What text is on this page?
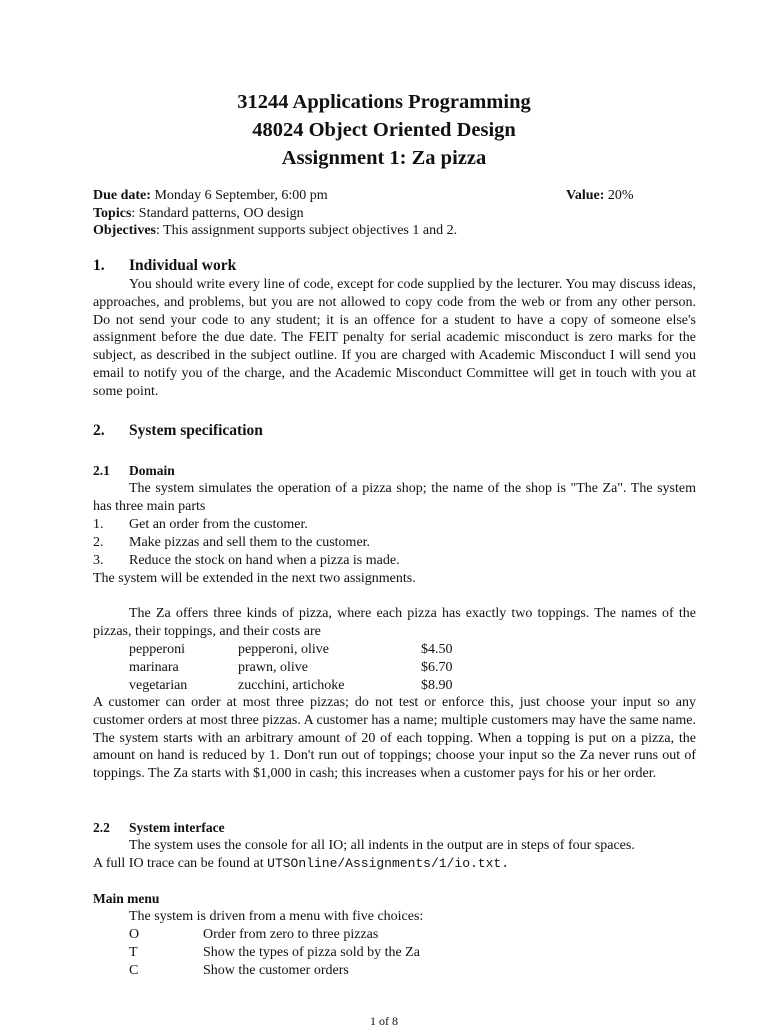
31244 Applications Programming
48024 Object Oriented Design
Assignment 1: Za pizza
Due date: Monday 6 September, 6:00 pm	Value: 20%
Topics: Standard patterns, OO design
Objectives: This assignment supports subject objectives 1 and 2.
1. Individual work

You should write every line of code, except for code supplied by the lecturer. You may discuss ideas, approaches, and problems, but you are not allowed to copy code from the web or from any other person. Do not send your code to any student; it is an offence for a student to have a copy of someone else's assignment before the due date. The FEIT penalty for serial academic misconduct is zero marks for the subject, as described in the subject outline. If you are charged with Academic Misconduct I will send you email to notify you of the charge, and the Academic Misconduct Committee will get in touch with you at some point.

2. System specification
2.1 Domain

The system simulates the operation of a pizza shop; the name of the shop is "The Za". The system has three main parts

1. Get an order from the customer.
2. Make pizzas and sell them to the customer.
3. Reduce the stock on hand when a pizza is made.
The system will be extended in the next two assignments.

The Za offers three kinds of pizza, where each pizza has exactly two toppings. The names of the pizzas, their toppings, and their costs are

pepperoni	pepperoni, olive	$4.50
marinara	prawn, olive	$6.70
vegetarian	zucchini, artichoke	$8.90

A customer can order at most three pizzas; do not test or enforce this, just choose your input so any customer orders at most three pizzas. A customer has a name; multiple customers may have the same name. The system starts with an arbitrary amount of 20 of each topping. When a topping is put on a pizza, the amount on hand is reduced by 1. Don't run out of toppings; choose your input so the Za never runs out of toppings. The Za starts with $1,000 in cash; this increases when a customer pays for his or her order.

2.2 System interface
The system uses the console for all IO; all indents in the output are in steps of four spaces.
A full IO trace can be found at UTSOnline/Assignments/1/io.txt.
Main menu
The system is driven from a menu with five choices:
O	Order from zero to three pizzas
T	Show the types of pizza sold by the Za
C	Show the customer orders
1 of 8
